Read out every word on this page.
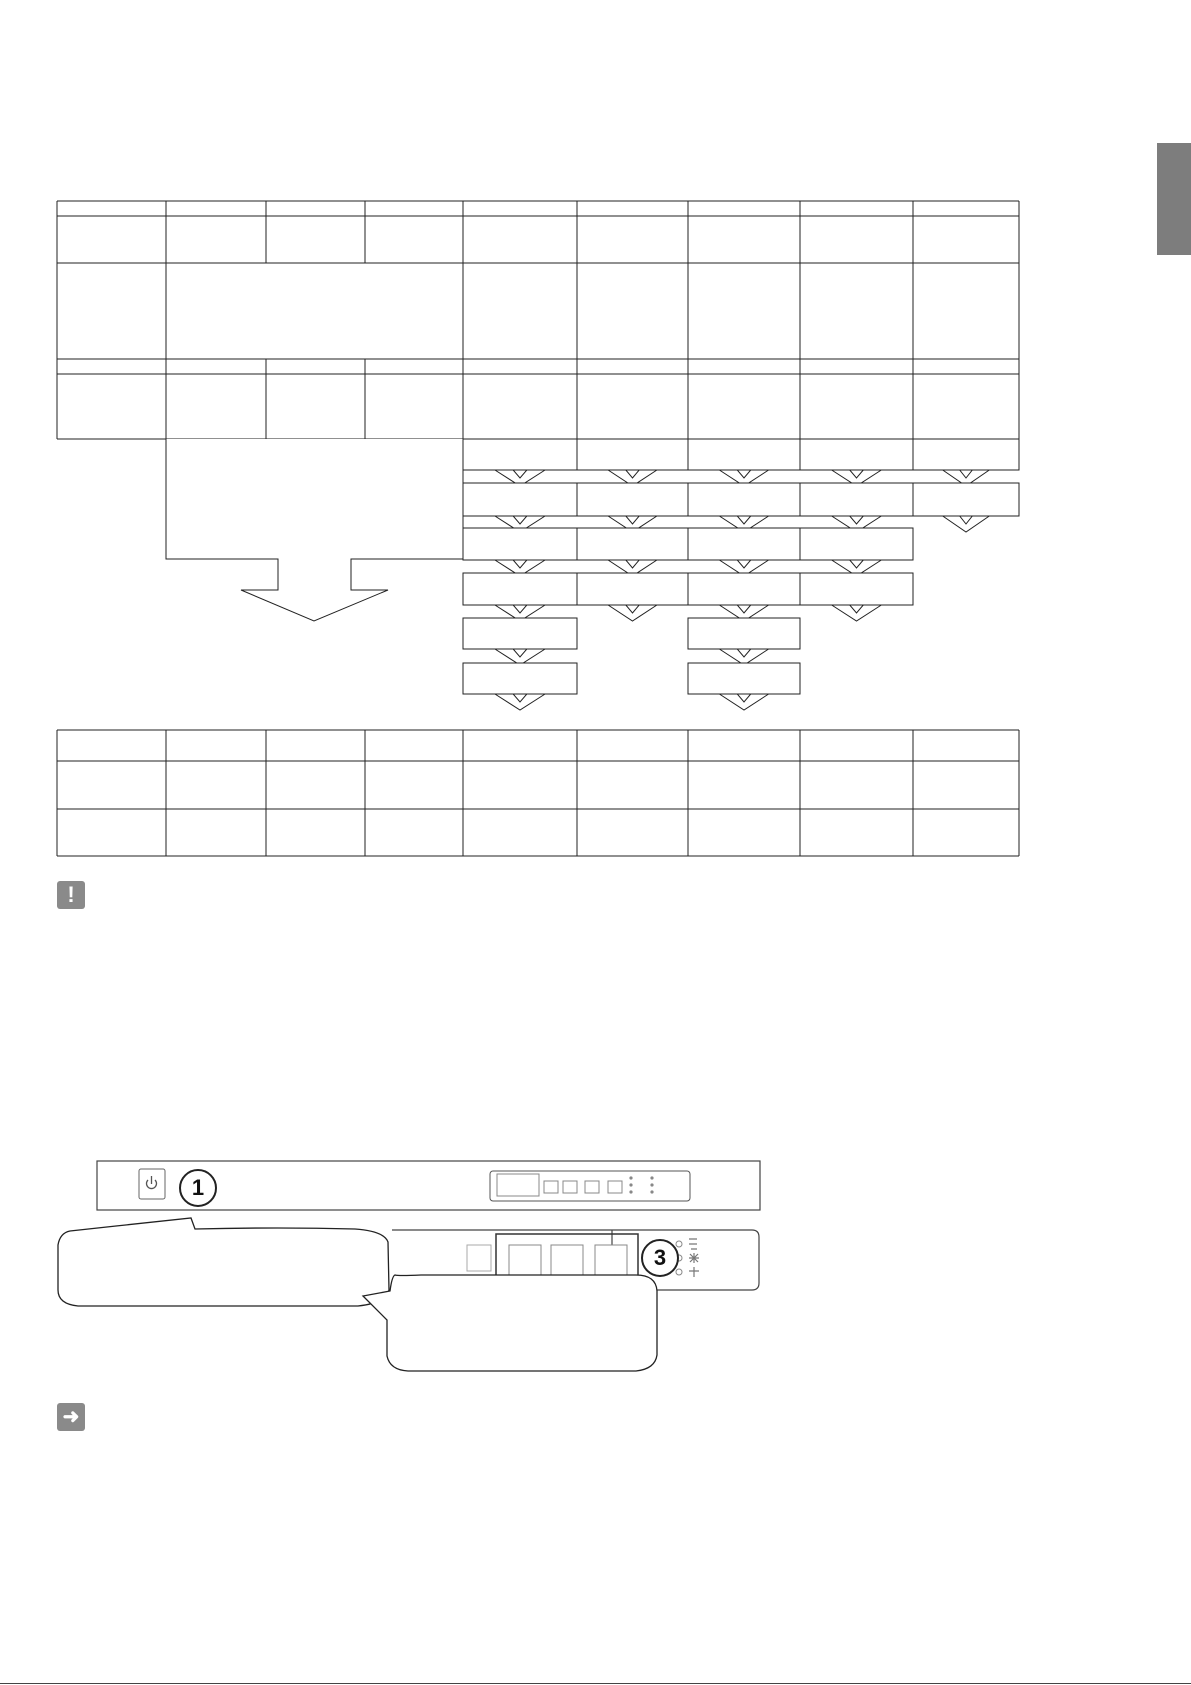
!
1
3
➜
